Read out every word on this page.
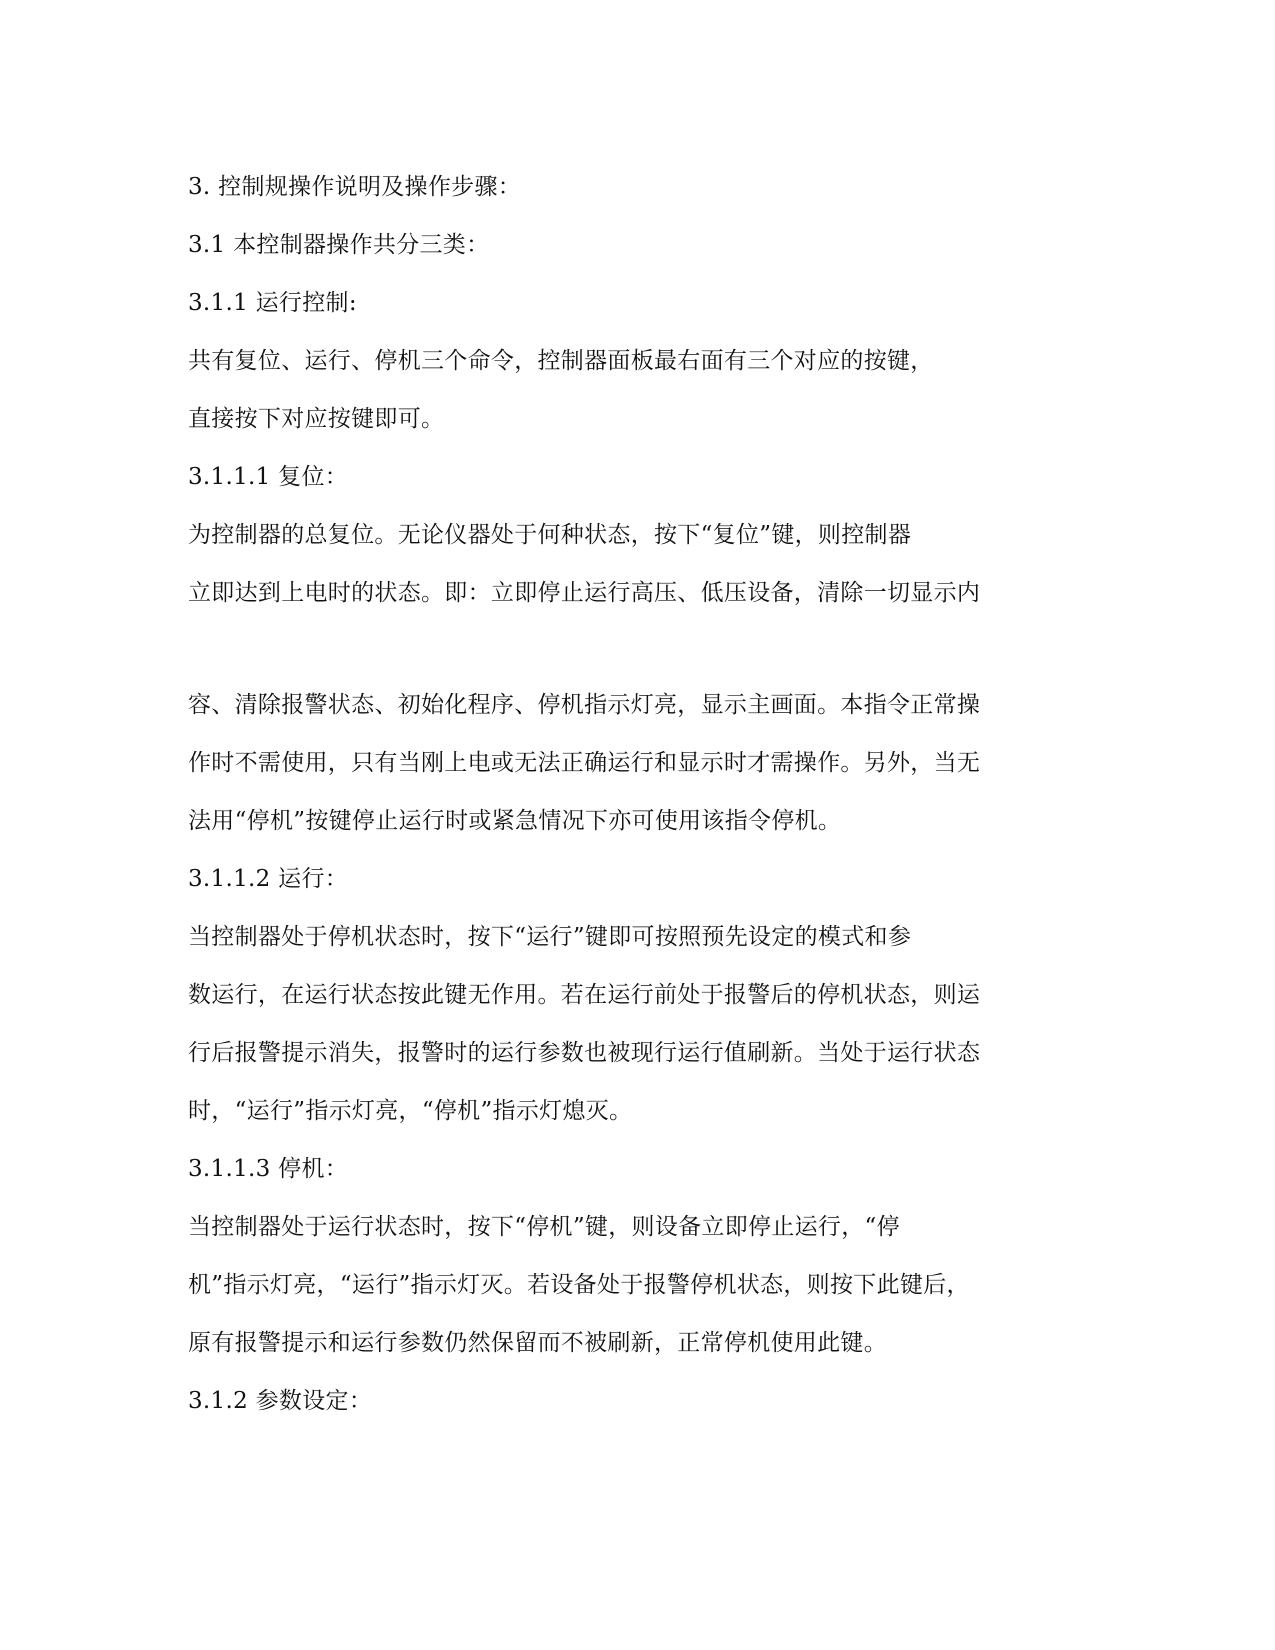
3. 控制规操作说明及操作步骤：
3.1 本控制器操作共分三类：
3.1.1 运行控制:
共有复位、运行、停机三个命令，控制器面板最右面有三个对应的按键，
直接按下对应按键即可。
3.1.1.1 复位：
为控制器的总复位。无论仪器处于何种状态，按下“复位”键，则控制器
立即达到上电时的状态。即：立即停止运行高压、低压设备，清除一切显示内
容、清除报警状态、初始化程序、停机指示灯亮，显示主画面。本指令正常操
作时不需使用，只有当刚上电或无法正确运行和显示时才需操作。另外，当无
法用“停机”按键停止运行时或紧急情况下亦可使用该指令停机。
3.1.1.2 运行：
当控制器处于停机状态时，按下“运行”键即可按照预先设定的模式和参
数运行，在运行状态按此键无作用。若在运行前处于报警后的停机状态，则运
行后报警提示消失，报警时的运行参数也被现行运行值刷新。当处于运行状态
时，“运行”指示灯亮，“停机”指示灯熄灭。
3.1.1.3 停机：
当控制器处于运行状态时，按下“停机”键，则设备立即停止运行，“停
机”指示灯亮，“运行”指示灯灭。若设备处于报警停机状态，则按下此键后，
原有报警提示和运行参数仍然保留而不被刷新，正常停机使用此键。
3.1.2 参数设定：
